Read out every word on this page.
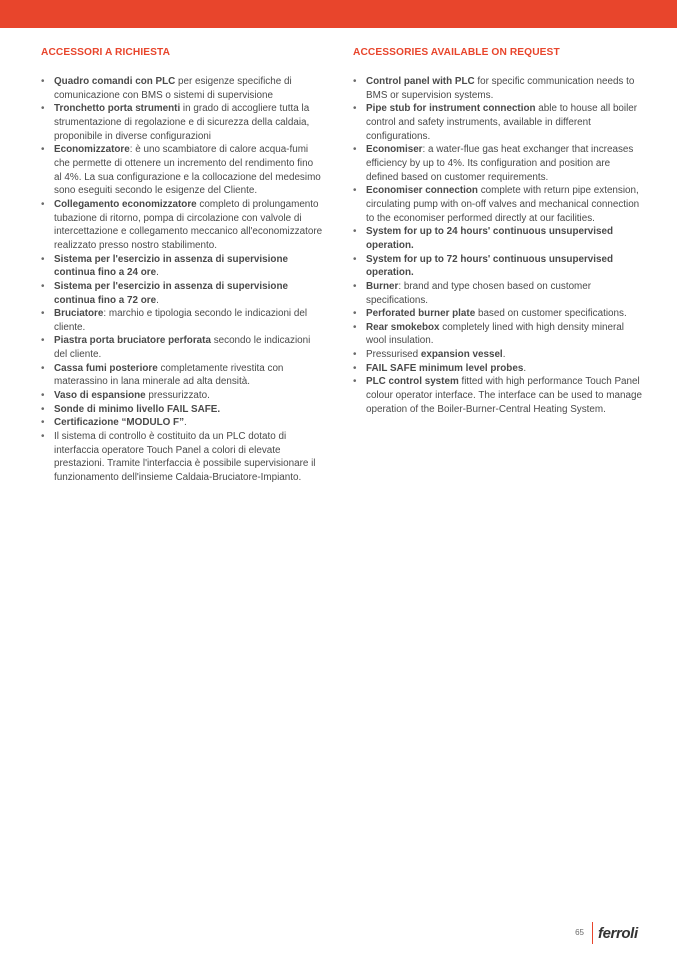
ACCESSORI A RICHIESTA
• Quadro comandi con PLC per esigenze specifiche di comunicazione con BMS o sistemi di supervisione
• Tronchetto porta strumenti in grado di accogliere tutta la strumentazione di regolazione e di sicurezza della caldaia, proponibile in diverse configurazioni
• Economizzatore: è uno scambiatore di calore acqua-fumi che permette di ottenere un incremento del rendimento fino al 4%. La sua configurazione e la collocazione del medesimo sono eseguiti secondo le esigenze del Cliente.
• Collegamento economizzatore completo di prolungamento tubazione di ritorno, pompa di circolazione con valvole di intercettazione e collegamento meccanico all'economizzatore realizzato presso nostro stabilimento.
• Sistema per l'esercizio in assenza di supervisione continua fino a 24 ore.
• Sistema per l'esercizio in assenza di supervisione continua fino a 72 ore.
• Bruciatore: marchio e tipologia secondo le indicazioni del cliente.
• Piastra porta bruciatore perforata secondo le indicazioni del cliente.
• Cassa fumi posteriore completamente rivestita con materassino in lana minerale ad alta densità.
• Vaso di espansione pressurizzato.
• Sonde di minimo livello FAIL SAFE.
• Certificazione “MODULO F”.
• Il sistema di controllo è costituito da un PLC dotato di interfaccia operatore Touch Panel a colori di elevate prestazioni. Tramite l'interfaccia è possibile supervisionare il funzionamento dell'insieme Caldaia-Bruciatore-Impianto.
ACCESSORIES AVAILABLE ON REQUEST
• Control panel with PLC for specific communication needs to BMS or supervision systems.
• Pipe stub for instrument connection able to house all boiler control and safety instruments, available in different configurations.
• Economiser: a water-flue gas heat exchanger that increases efficiency by up to 4%. Its configuration and position are defined based on customer requirements.
• Economiser connection complete with return pipe extension, circulating pump with on-off valves and mechanical connection to the economiser performed directly at our facilities.
• System for up to 24 hours' continuous unsupervised operation.
• System for up to 72 hours' continuous unsupervised operation.
• Burner: brand and type chosen based on customer specifications.
• Perforated burner plate based on customer specifications.
• Rear smokebox completely lined with high density mineral wool insulation.
• Pressurised expansion vessel.
• FAIL SAFE minimum level probes.
• PLC control system fitted with high performance Touch Panel colour operator interface. The interface can be used to manage operation of the Boiler-Burner-Central Heating System.
65 ferroli
